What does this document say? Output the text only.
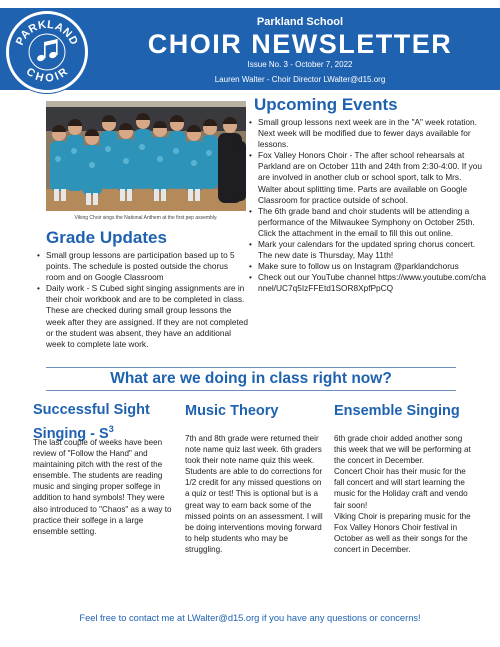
PARKLAND
CHOIR
Parkland School
CHOIR NEWSLETTER
Issue No. 3 - October 7, 2022
Lauren Walter - Choir Director LWalter@d15.org
Viking Choir sings the National Anthem at the first pep assembly.
Upcoming Events
• Small group lessons next week are in the "A" week rotation. Next week will be modified due to fewer days available for lessons.
• Fox Valley Honors Choir - The after school rehearsals at Parkland are on October 11th and 24th from 2:30-4:00. If you are involved in another club or school sport, talk to Mrs. Walter about splitting time. Parts are available on Google Classroom for practice outside of school.
• The 6th grade band and choir students will be attending a performance of the Milwaukee Symphony on October 25th. Click the attachment in the email to fill this out online.
• Mark your calendars for the updated spring chorus concert. The new date is Thursday, May 11th!
• Make sure to follow us on Instagram @parklandchorus
• Check out our YouTube channel https://www.youtube.com/channel/UC7q5IzFFEtd1SOR8XpfPpCQ
Grade Updates
• Small group lessons are participation based up to 5 points. The schedule is posted outside the chorus room and on Google Classroom
• Daily work - S Cubed sight singing assignments are in their choir workbook and are to be completed in class. These are checked during small group lessons the week after they are assigned. If they are not completed or the student was absent, they have an additional week to complete late work.
What are we doing in class right now?
Successful Sight Singing - $S^3$
The last couple of weeks have been review of "Follow the Hand" and maintaining pitch with the rest of the ensemble. The students are reading music and singing proper solfege in addition to hand symbols! They were also introduced to "Chaos" as a way to practice their solfege in a large ensemble setting.
Music Theory
7th and 8th grade were returned their note name quiz last week. 6th graders took their note name quiz this week. Students are able to do corrections for 1/2 credit for any missed questions on a quiz or test! This is optional but is a great way to earn back some of the missed points on an assessment. I will be doing interventions moving forward to help students who may be struggling.
Ensemble Singing
6th grade choir added another song this week that we will be performing at the concert in December.
Concert Choir has their music for the fall concert and will start learning the music for the Holiday craft and vendo fair soon!
Viking Choir is preparing music for the Fox Valley Honors Choir festival in October as well as their songs for the concert in December.
Feel free to contact me at LWalter@d15.org if you have any questions or concerns!
